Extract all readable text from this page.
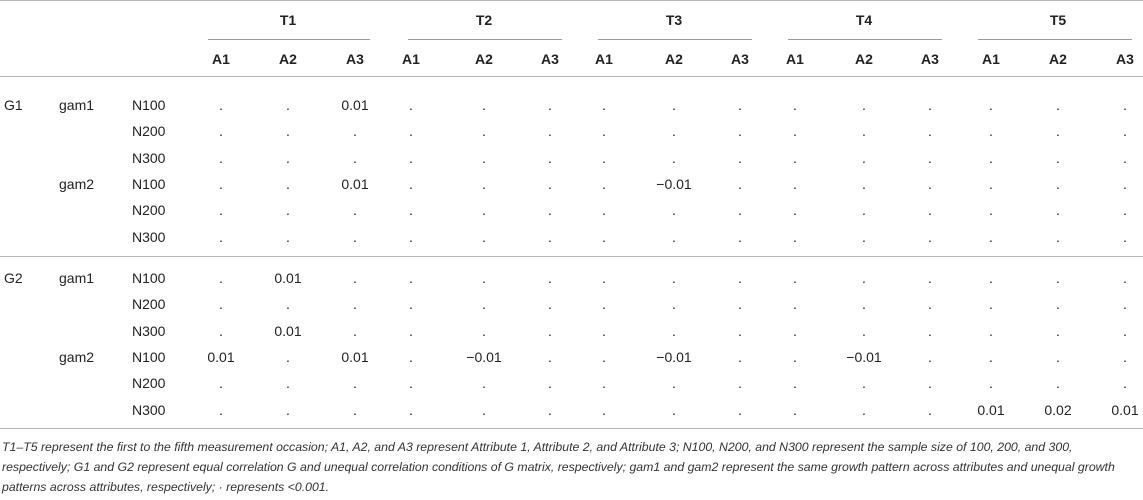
T1	T2	T3	T4	T5
A1	A2	A3	A1	A2	A3	A1	A2	A3	A1	A2	A3	A1	A2	A3
G1	gam1	N100	.	.	0.01	.	.	.	.	.	.	.	.	.	.	.	.
N200	.	.	.	.	.	.	.	.	.	.	.	.	.	.	.
N300	.	.	.	.	.	.	.	.	.	.	.	.	.	.	.
gam2	N100	.	.	0.01	.	.	.	.	−0.01	.	.	.	.	.	.	.
N200	.	.	.	.	.	.	.	.	.	.	.	.	.	.	.
N300	.	.	.	.	.	.	.	.	.	.	.	.	.	.	.
G2	gam1	N100	.	0.01	.	.	.	.	.	.	.	.	.	.	.	.	.
N200	.	.	.	.	.	.	.	.	.	.	.	.	.	.	.
N300	.	0.01	.	.	.	.	.	.	.	.	.	.	.	.	.
gam2	N100	0.01	.	0.01	.	−0.01	.	.	−0.01	.	.	−0.01	.	.	.	.
N200	.	.	.	.	.	.	.	.	.	.	.	.	.	.	.
N300	.	.	.	.	.	.	.	.	.	.	.	.	0.01	0.02	0.01
T1–T5 represent the first to the fifth measurement occasion; A1, A2, and A3 represent Attribute 1, Attribute 2, and Attribute 3; N100, N200, and N300 represent the sample size of 100, 200, and 300, respectively; G1 and G2 represent equal correlation G and unequal correlation conditions of G matrix, respectively; gam1 and gam2 represent the same growth pattern across attributes and unequal growth patterns across attributes, respectively; · represents <0.001.
